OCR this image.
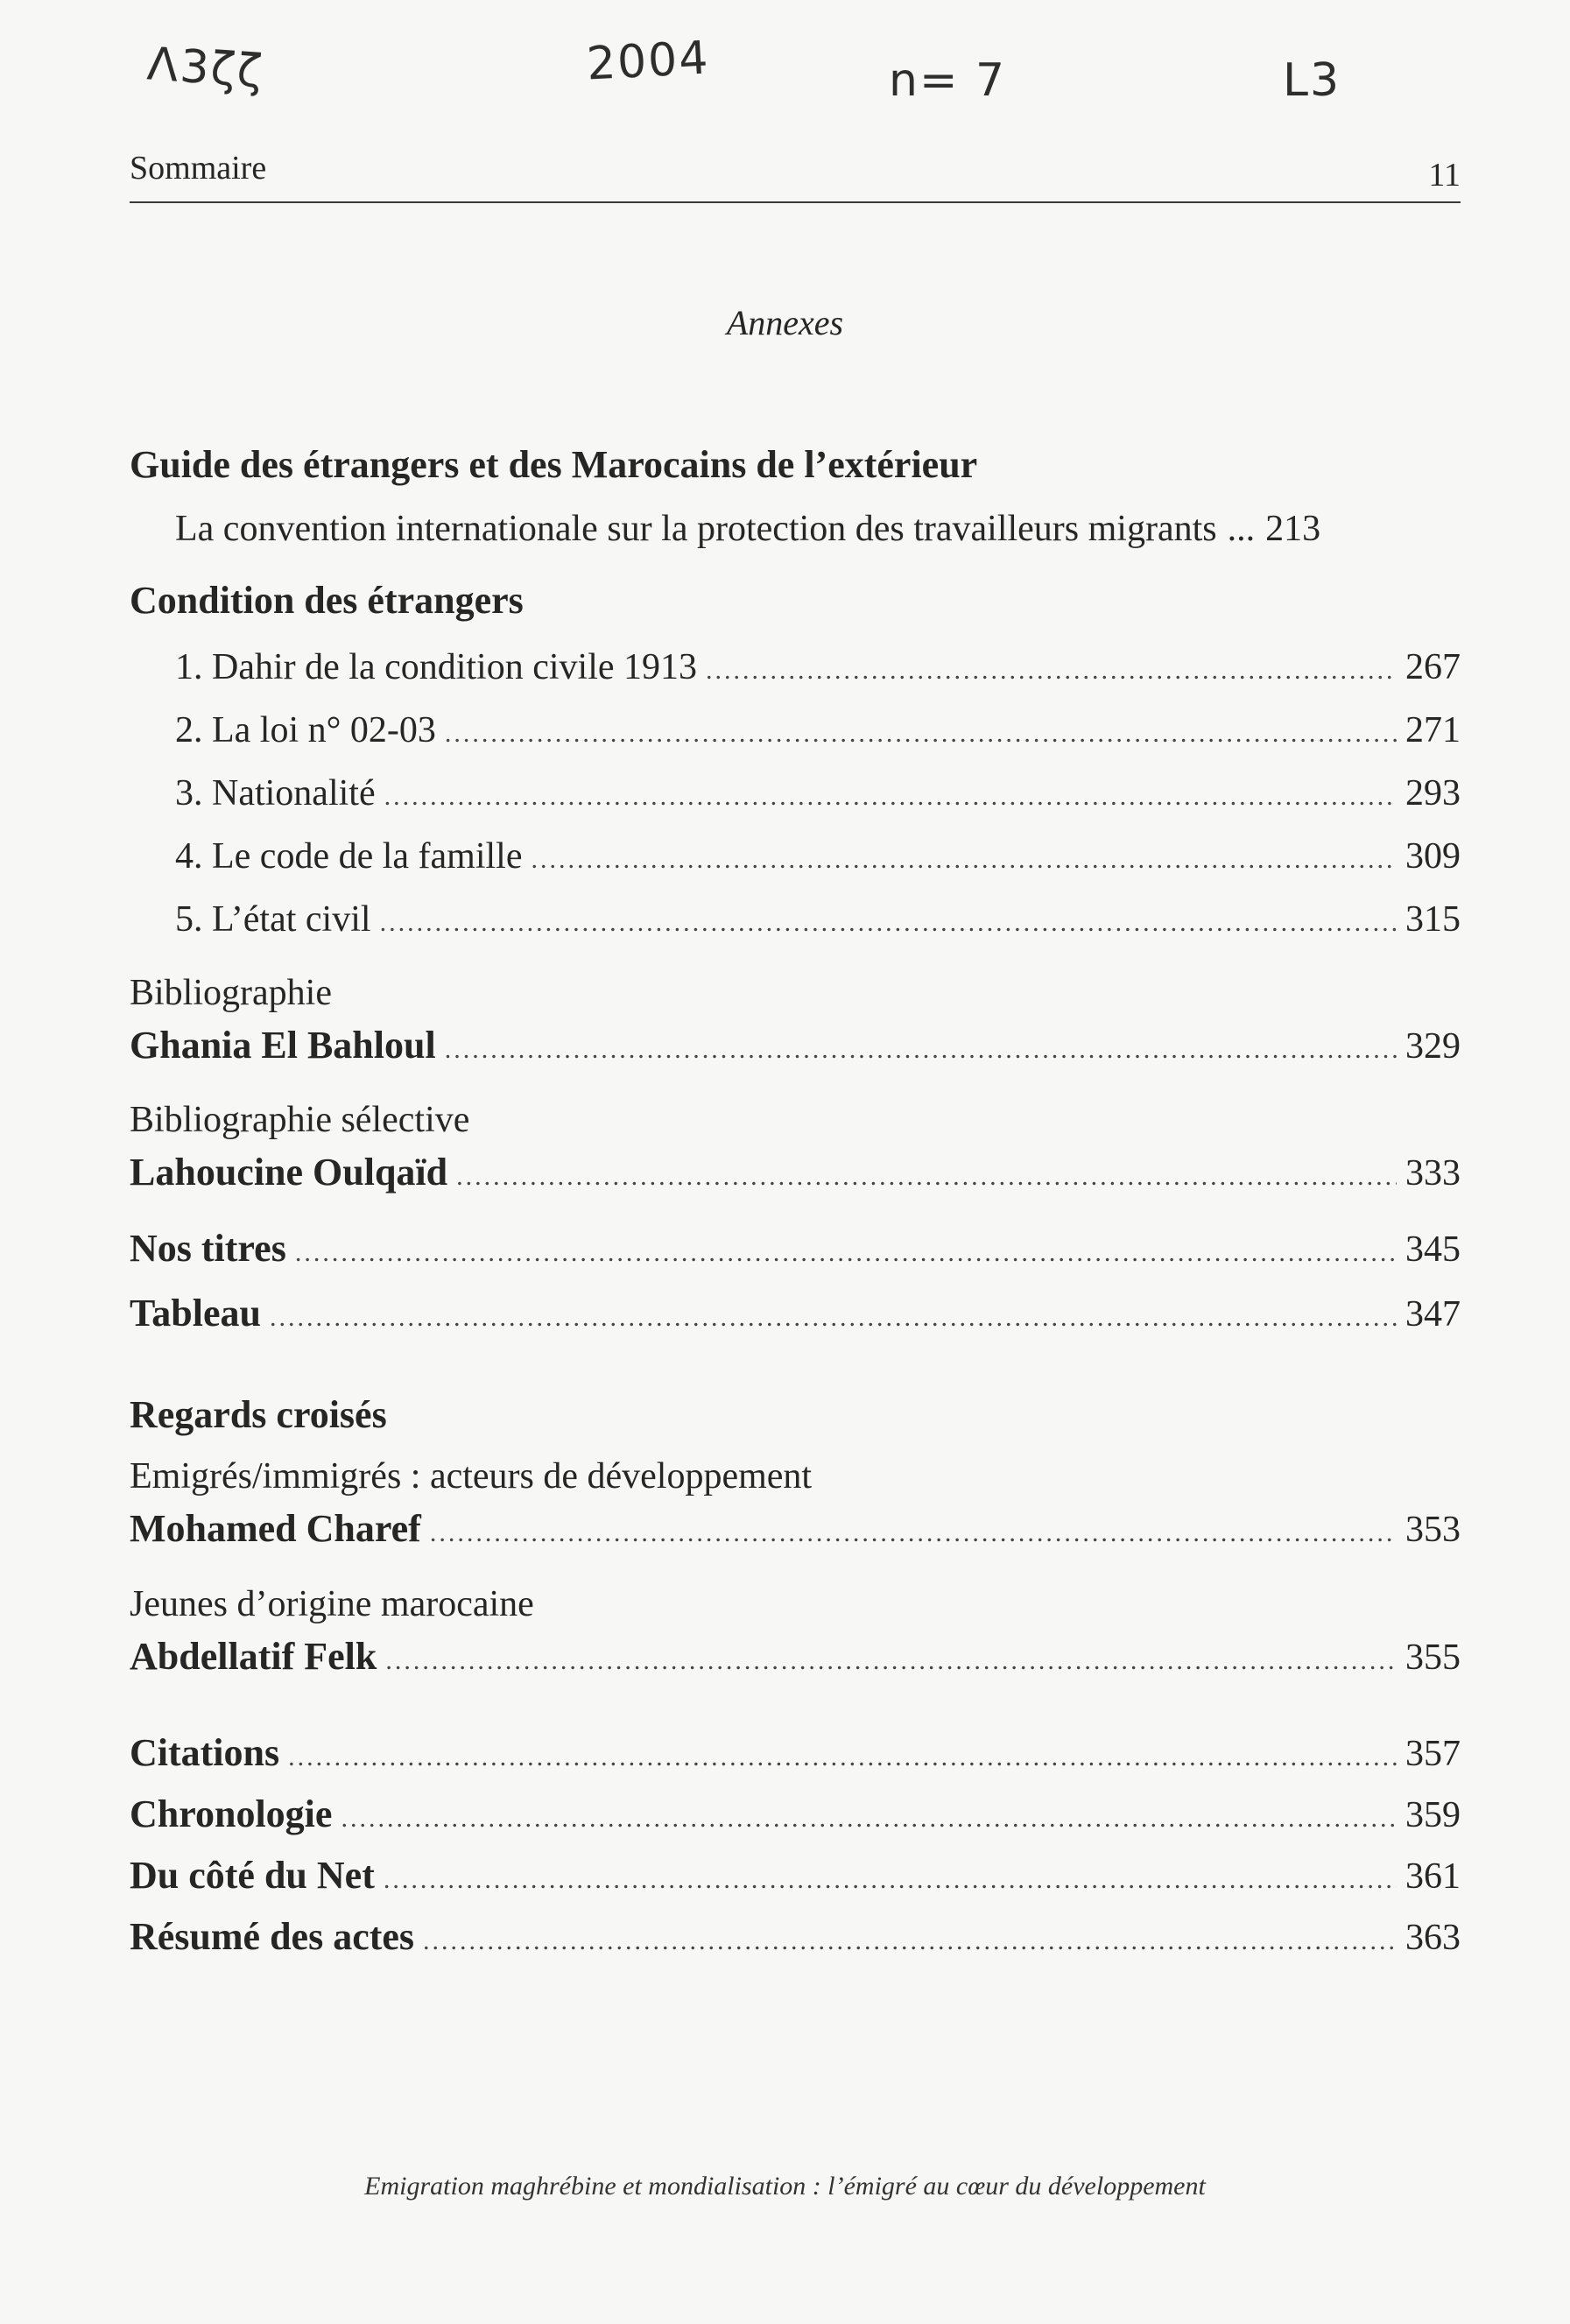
Λ3ζζ	2004	n= 7	L3
Sommaire	11
Annexes
Guide des étrangers et des Marocains de l’extérieur
La convention internationale sur la protection des travailleurs migrants ... 213
Condition des étrangers
1. Dahir de la condition civile 1913 .....	267
2. La loi n° 02-03 .....	271
3. Nationalité .....	293
4. Le code de la famille .....	309
5. L’état civil .....	315
Bibliographie
Ghania El Bahloul .....	329
Bibliographie sélective
Lahoucine Oulqaïd .....	333
Nos titres .....	345
Tableau .....	347
Regards croisés
Emigrés/immigrés : acteurs de développement
Mohamed Charef .....	353
Jeunes d’origine marocaine
Abdellatif Felk .....	355
Citations .....	357
Chronologie .....	359
Du côté du Net .....	361
Résumé des actes .....	363
Emigration maghrébine et mondialisation : l’émigré au cœur du développement
